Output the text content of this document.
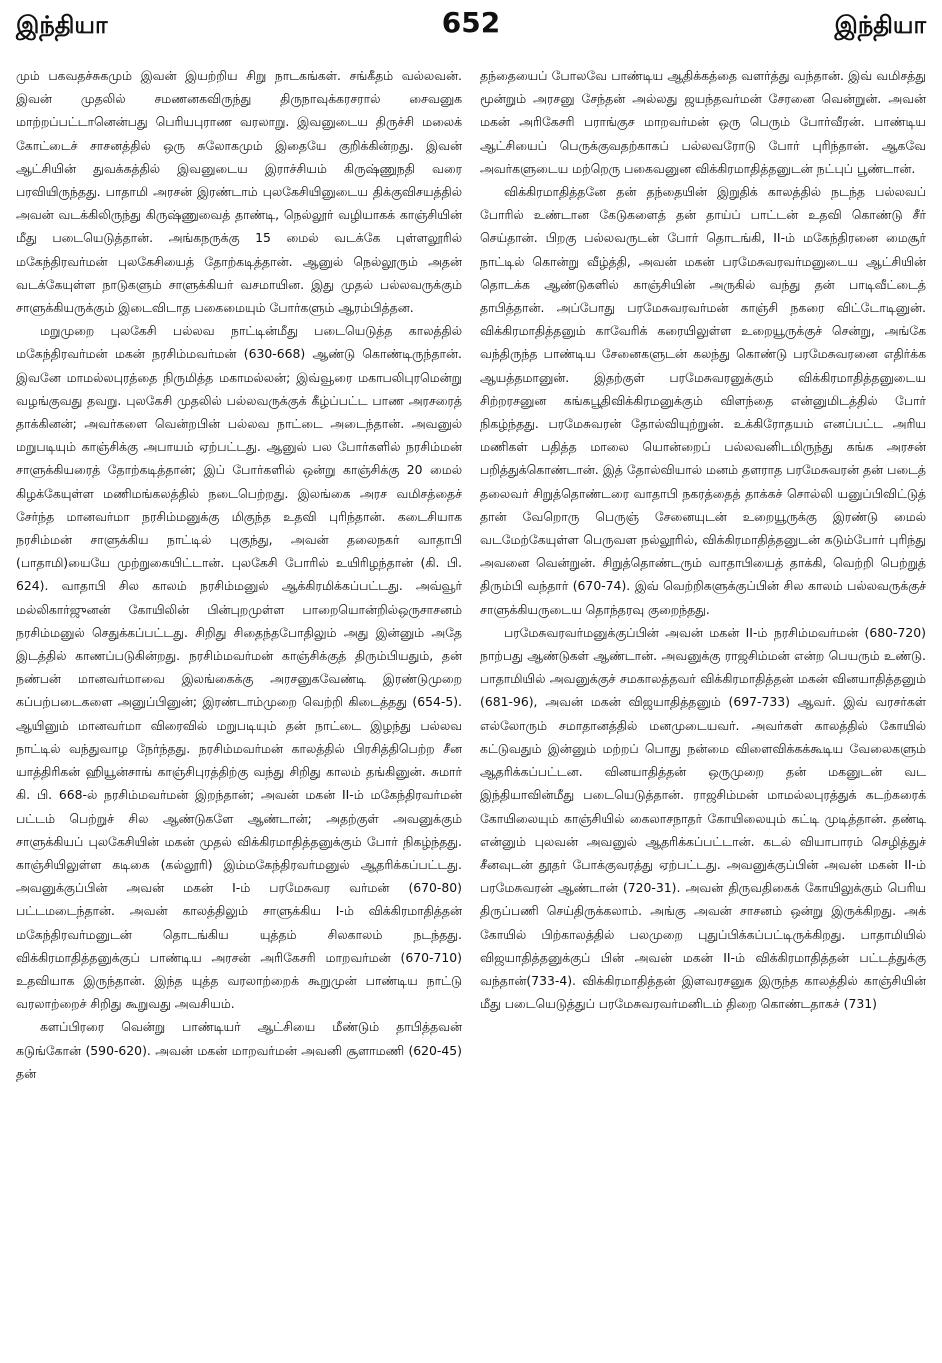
இந்தியா	652	இந்தியா

மும் பகவதச்சுகமும் இவன் இயற்றிய சிறு நாடகங்கள். சங்கீதம் வல்லவன். இவன் முதலில் சமணனகவிருந்து திருநாவுக்கரசரால் சைவனுக மாற்றப்பட்டானென்பது பெரியபுராண வரலாறு. இவனுடைய திருச்சி மலைக் கோட்டைச் சாசனத்தில் ஒரு சுலோகமும் இதையே குறிக்கின்றது. இவன் ஆட்சியின் துவக்கத்தில் இவனுடைய இராச்சியம் கிருஷ்ணுநதி வரை பரவியிருந்தது. பாதாமி அரசன் இரண்டாம் புலகேசியினுடைய திக்குவிசயத்தில் அவன் வடக்கிலிருந்து கிருஷ்ணுவைத் தாண்டி, நெல்லூர் வழியாகக் காஞ்சியின் மீது படையெடுத்தான். அங்கநருக்கு 15 மைல் வடக்கே புள்ளலூரில் மகேந்திரவர்மன் புலகேசியைத் தோற்கடித்தான். ஆனுல் நெல்லூரும் அதன் வடக்கேயுள்ள நாடுகளும் சாளுக்கியர் வசமாயின. இது முதல் பல்லவருக்கும் சாளுக்கியருக்கும் இடைவிடாத பகைமையும் போர்களும் ஆரம்பித்தன.

மறுமுறை புலகேசி பல்லவ நாட்டின்மீது படையெடுத்த காலத்தில் மகேந்திரவர்மன் மகன் நரசிம்மவர்மன் (630-668) ஆண்டு கொண்டிருந்தான். இவனே மாமல்லபுரத்தை நிருமித்த மகாமல்லன்; இவ்வூரை மகாபலிபுரமென்று வழங்குவது தவறு. புலகேசி முதலில் பல்லவருக்குக் கீழ்ப்பட்ட பாண அரசரைத் தாக்கினன்; அவர்களை வென்றபின் பல்லவ நாட்டை அடைந்தான். அவனுல் மறுபடியும் காஞ்சிக்கு அபாயம் ஏற்பட்டது. ஆனுல் பல போர்களில் நரசிம்மன் சாளுக்கியரைத் தோற்கடித்தான்; இப் போர்களில் ஒன்று காஞ்சிக்கு 20 மைல் கிழக்கேயுள்ள மணிமங்கலத்தில் நடைபெற்றது. இலங்கை அரச வமிசத்தைச் சேர்ந்த மானவர்மா நரசிம்மனுக்கு மிகுந்த உதவி புரிந்தான். கடைசியாக நரசிம்மன் சாளுக்கிய நாட்டில் புகுந்து, அவன் தலைநகர் வாதாபி (பாதாமி)யையே முற்றுகையிட்டான். புலகேசி போரில் உயிரிழந்தான் (கி. பி. 624). வாதாபி சில காலம் நரசிம்மனுல் ஆக்கிரமிக்கப்பட்டது. அவ்வூர் மல்லிகார்ஜுனன் கோயிலின் பின்புறமுள்ள பாறையொன்றில்ஒருசாசனம் நரசிம்மனுல் செதுக்கப்பட்டது. சிறிது சிதைந்தபோதிலும் அது இன்னும் அதே இடத்தில் காணப்படுகின்றது. நரசிம்மவர்மன் காஞ்சிக்குத் திரும்பியதும், தன் நண்பன் மானவர்மாவை இலங்கைக்கு அரசனுகவேண்டி இரண்டுமுறை கப்பற்படைகளை அனுப்பினுன்; இரண்டாம்முறை வெற்றி கிடைத்தது (654-5). ஆயினும் மானவர்மா விரைவில் மறுபடியும் தன் நாட்டை இழந்து பல்லவ நாட்டில் வந்துவாழ நேர்ந்தது. நரசிம்மவர்மன் காலத்தில் பிரசித்திபெற்ற சீன யாத்திரிகன் ஹியூன்சாங் காஞ்சிபுரத்திற்கு வந்து சிறிது காலம் தங்கினுன். சுமார் கி. பி. 668-ல் நரசிம்மவர்மன் இறந்தான்; அவன் மகன் II-ம் மகேந்திரவர்மன் பட்டம் பெற்றுச் சில ஆண்டுகளே ஆண்டான்; அதற்குள் அவனுக்கும் சாளுக்கியப் புலகேசியின் மகன் முதல் விக்கிரமாதித்தனுக்கும் போர் நிகழ்ந்தது. காஞ்சியிலுள்ள கடிகை (கல்லூரி) இம்மகேந்திரவர்மனுல் ஆதரிக்கப்பட்டது. அவனுக்குப்பின் அவன் மகன் I-ம் பரமேசுவர வர்மன் (670-80) பட்டமடைந்தான். அவன் காலத்திலும் சாளுக்கிய I-ம் விக்கிரமாதித்தன் மகேந்திரவர்மனுடன் தொடங்கிய யுத்தம் சிலகாலம் நடந்தது. விக்கிரமாதித்தனுக்குப் பாண்டிய அரசன் அரிகேசரி மாறவர்மன் (670-710) உதவியாக இருந்தான். இந்த யுத்த வரலாற்றைக் கூறுமுன் பாண்டிய நாட்டு வரலாற்றைச் சிறிது கூறுவது அவசியம்.

களப்பிரரை வென்று பாண்டியர் ஆட்சியை மீண்டும் தாபித்தவன் கடுங்கோன் (590-620). அவன் மகன் மாறவர்மன் அவனி சூளாமணி (620-45) தன்

தந்தையைப் போலவே பாண்டிய ஆதிக்கத்தை வளர்த்து வந்தான். இவ் வமிசத்து மூன்றும் அரசனு சேந்தன் அல்லது ஜயந்தவர்மன் சேரனை வென்றுன். அவன் மகன் அரிகேசரி பராங்குச மாறவர்மன் ஒரு பெரும் போர்வீரன். பாண்டிய ஆட்சியைப் பெருக்குவதற்காகப் பல்லவரோடு போர் புரிந்தான். ஆகவே அவர்களுடைய மற்றெரு பகைவனுன விக்கிரமாதித்தனுடன் நட்புப் பூண்டான்.

விக்கிரமாதித்தனே தன் தந்தையின் இறுதிக் காலத்தில் நடந்த பல்லவப் போரில் உண்டான கேடுகளைத் தன் தாய்ப் பாட்டன் உதவி கொண்டு சீர் செய்தான். பிறகு பல்லவருடன் போர் தொடங்கி, II-ம் மகேந்திரனை மைசூர் நாட்டில் கொன்று வீழ்த்தி, அவன் மகன் பரமேசுவரவர்மனுடைய ஆட்சியின் தொடக்க ஆண்டுகளில் காஞ்சியின் அருகில் வந்து தன் பாடிவீட்டைத் தாபித்தான். அப்போது பரமேசுவரவர்மன் காஞ்சி நகரை விட்டோடினுன். விக்கிரமாதித்தனும் காவேரிக் கரையிலுள்ள உறையூருக்குச் சென்று, அங்கே வந்திருந்த பாண்டிய சேனைகளுடன் கலந்து கொண்டு பரமேசுவரனை எதிர்க்க ஆயத்தமானுன். இதற்குள் பரமேசுவரனுக்கும் விக்கிரமாதித்தனுடைய சிற்றரசனுன கங்கபூதிவிக்கிரமனுக்கும் விளந்தை என்னுமிடத்தில் போர் நிகழ்ந்தது. பரமேசுவரன் தோல்வியுற்றுன். உக்கிரோதயம் எனப்பட்ட அரிய மணிகள் பதித்த மாலை யொன்றைப் பல்லவனிடமிருந்து கங்க அரசன் பறித்துக்கொண்டான். இத் தோல்வியால் மனம் தளராத பரமேசுவரன் தன் படைத் தலைவர் சிறுத்தொண்டரை வாதாபி நகரத்தைத் தாக்கச் சொல்லி யனுப்பிவிட்டுத் தான் வேறொரு பெருஞ் சேனையுடன் உறையூருக்கு இரண்டு மைல் வடமேற்கேயுள்ள பெருவள நல்லூரில், விக்கிரமாதித்தனுடன் கடும்போர் புரிந்து அவனை வென்றுன். சிறுத்தொண்டரும் வாதாபியைத் தாக்கி, வெற்றி பெற்றுத் திரும்பி வந்தார் (670-74). இவ் வெற்றிகளுக்குப்பின் சில காலம் பல்லவருக்குச் சாளுக்கியருடைய தொந்தரவு குறைந்தது.

பரமேசுவரவர்மனுக்குப்பின் அவன் மகன் II-ம் நரசிம்மவர்மன் (680-720) நாற்பது ஆண்டுகள் ஆண்டான். அவனுக்கு ராஜசிம்மன் என்ற பெயரும் உண்டு. பாதாமியில் அவனுக்குச் சமகாலத்தவர் விக்கிரமாதித்தன் மகன் வினயாதித்தனும் (681-96), அவன் மகன் விஜயாதித்தனும் (697-733) ஆவர். இவ் வரசர்கள் எல்லோரும் சமாதானத்தில் மனமுடையவர். அவர்கள் காலத்தில் கோயில் கட்டுவதும் இன்னும் மற்றப் பொது நன்மை விளைவிக்கக்கூடிய வேலைகளும் ஆதரிக்கப்பட்டன. வினயாதித்தன் ஒருமுறை தன் மகனுடன் வட இந்தியாவின்மீது படையெடுத்தான். ராஜசிம்மன் மாமல்லபுரத்துக் கடற்கரைக் கோயிலையும் காஞ்சியில் கைலாசநாதர் கோயிலையும் கட்டி முடித்தான். தண்டி என்னும் புலவன் அவனுல் ஆதரிக்கப்பட்டான். கடல் வியாபாரம் செழித்துச் சீனவுடன் தூதர் போக்குவரத்து ஏற்பட்டது. அவனுக்குப்பின் அவன் மகன் II-ம் பரமேசுவரன் ஆண்டான் (720-31). அவன் திருவதிகைக் கோயிலுக்கும் பெரிய திருப்பணி செய்திருக்கலாம். அங்கு அவன் சாசனம் ஒன்று இருக்கிறது. அக் கோயில் பிற்காலத்தில் பலமுறை புதுப்பிக்கப்பட்டிருக்கிறது. பாதாமியில் விஜயாதித்தனுக்குப் பின் அவன் மகன் II-ம் விக்கிரமாதித்தன் பட்டத்துக்கு வந்தான்(733-4). விக்கிரமாதித்தன் இளவரசனுக இருந்த காலத்தில் காஞ்சியின் மீது படையெடுத்துப் பரமேசுவரவர்மனிடம் திறை கொண்டதாகச் (731)
